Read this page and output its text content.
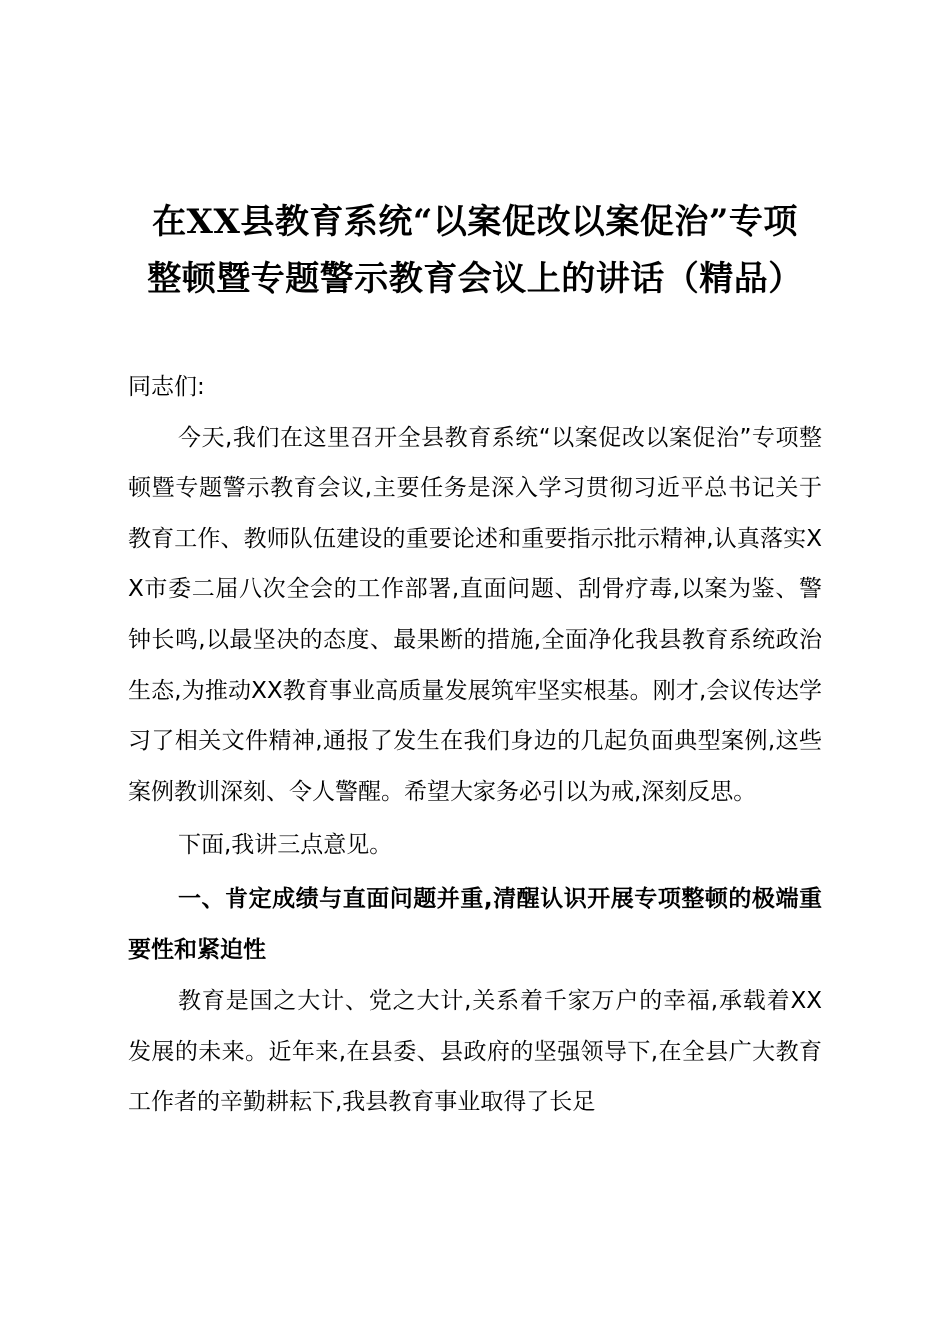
在XX县教育系统“以案促改以案促治”专项
整顿暨专题警示教育会议上的讲话（精品）

同志们:

今天,我们在这里召开全县教育系统“以案促改以案促治”专项整顿暨专题警示教育会议,主要任务是深入学习贯彻习近平总书记关于教育工作、教师队伍建设的重要论述和重要指示批示精神,认真落实XX市委二届八次全会的工作部署,直面问题、刮骨疗毒,以案为鉴、警钟长鸣,以最坚决的态度、最果断的措施,全面净化我县教育系统政治生态,为推动XX教育事业高质量发展筑牢坚实根基。刚才,会议传达学习了相关文件精神,通报了发生在我们身边的几起负面典型案例,这些案例教训深刻、令人警醒。希望大家务必引以为戒,深刻反思。

下面,我讲三点意见。

一、肯定成绩与直面问题并重,清醒认识开展专项整顿的极端重要性和紧迫性

教育是国之大计、党之大计,关系着千家万户的幸福,承载着XX发展的未来。近年来,在县委、县政府的坚强领导下,在全县广大教育工作者的辛勤耕耘下,我县教育事业取得了长足
